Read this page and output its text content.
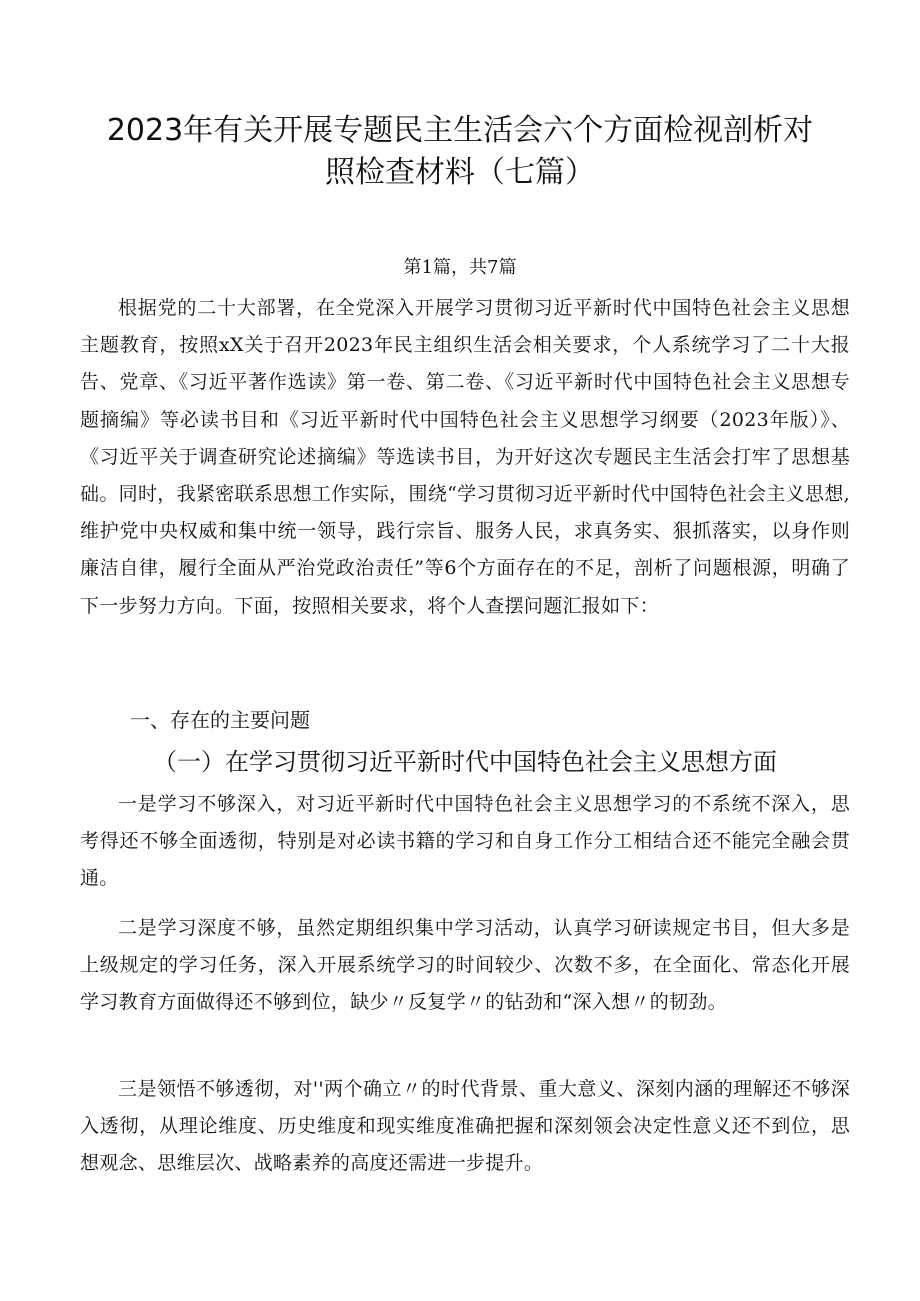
2023年有关开展专题民主生活会六个方面检视剖析对
照检查材料（七篇）
第1篇，共7篇
根据党的二十大部署，在全党深入开展学习贯彻习近平新时代中国特色社会主义思想主题教育，按照xX关于召开2023年民主组织生活会相关要求，个人系统学习了二十大报告、党章、《习近平著作选读》第一卷、第二卷、《习近平新时代中国特色社会主义思想专题摘编》等必读书目和《习近平新时代中国特色社会主义思想学习纲要（2023年版）》、《习近平关于调查研究论述摘编》等选读书目，为开好这次专题民主生活会打牢了思想基础。同时，我紧密联系思想工作实际，围绕“学习贯彻习近平新时代中国特色社会主义思想,维护党中央权威和集中统一领导，践行宗旨、服务人民，求真务实、狠抓落实，以身作则廉洁自律，履行全面从严治党政治责任”等6个方面存在的不足，剖析了问题根源，明确了下一步努力方向。下面，按照相关要求，将个人查摆问题汇报如下：
一、存在的主要问题
（一）在学习贯彻习近平新时代中国特色社会主义思想方面
一是学习不够深入，对习近平新时代中国特色社会主义思想学习的不系统不深入，思考得还不够全面透彻，特别是对必读书籍的学习和自身工作分工相结合还不能完全融会贯通。
二是学习深度不够，虽然定期组织集中学习活动，认真学习研读规定书目，但大多是上级规定的学习任务，深入开展系统学习的时间较少、次数不多，在全面化、常态化开展学习教育方面做得还不够到位，缺少〃反复学〃的钻劲和“深入想〃的韧劲。
三是领悟不够透彻，对''两个确立〃的时代背景、重大意义、深刻内涵的理解还不够深入透彻，从理论维度、历史维度和现实维度准确把握和深刻领会决定性意义还不到位，思想观念、思维层次、战略素养的高度还需进一步提升。
